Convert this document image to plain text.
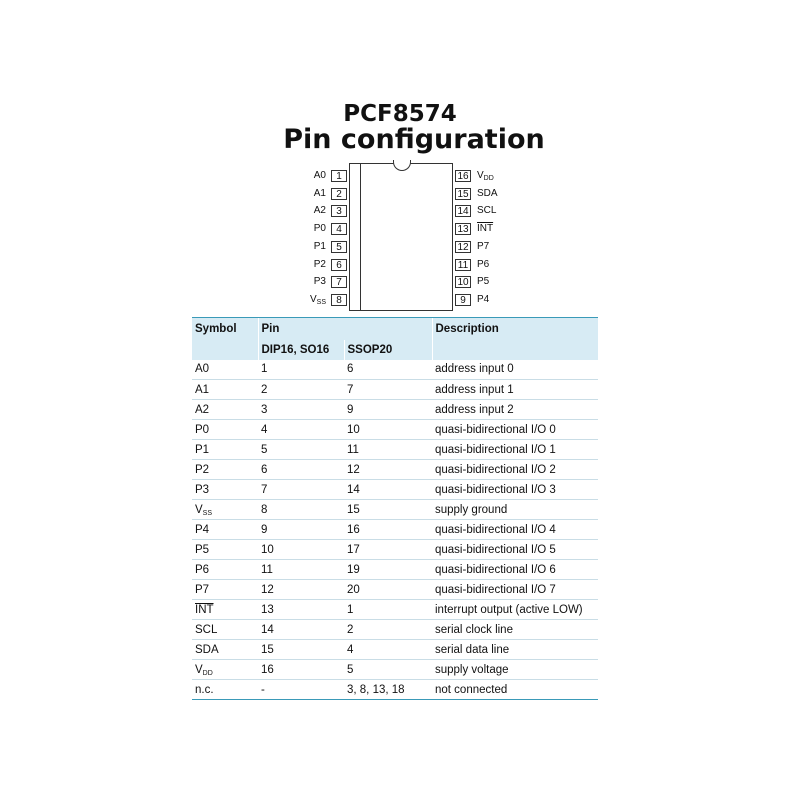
PCF8574
Pin configuration
1
A0
2
A1
3
A2
4
P0
5
P1
6
P2
7
P3
8
$V_{SS}$
16 $V_{DD}$
15 SDA
14 SCL
13 $\overline{INT}$
12 P7
11 P6
10 P5
9	P4
Symbol	Pin		Description
	DIP16, SO16	SSOP20	
A0	1	6	address input 0
A1	2	7	address input 1
A2	3	9	address input 2
P0	4	10	quasi-bidirectional I/O 0
P1	5	11	quasi-bidirectional I/O 1
P2	6	12	quasi-bidirectional I/O 2
P3	7	14	quasi-bidirectional I/O 3
$V_{SS}$	8	15	supply ground
P4	9	16	quasi-bidirectional I/O 4
P5	10	17	quasi-bidirectional I/O 5
P6	11	19	quasi-bidirectional I/O 6
P7	12	20	quasi-bidirectional I/O 7
$\overline{INT}$	13	1	interrupt output (active LOW)
SCL	14	2	serial clock line
SDA	15	4	serial data line
$V_{DD}$	16	5	supply voltage
n.c.	-	3, 8, 13, 18	not connected
